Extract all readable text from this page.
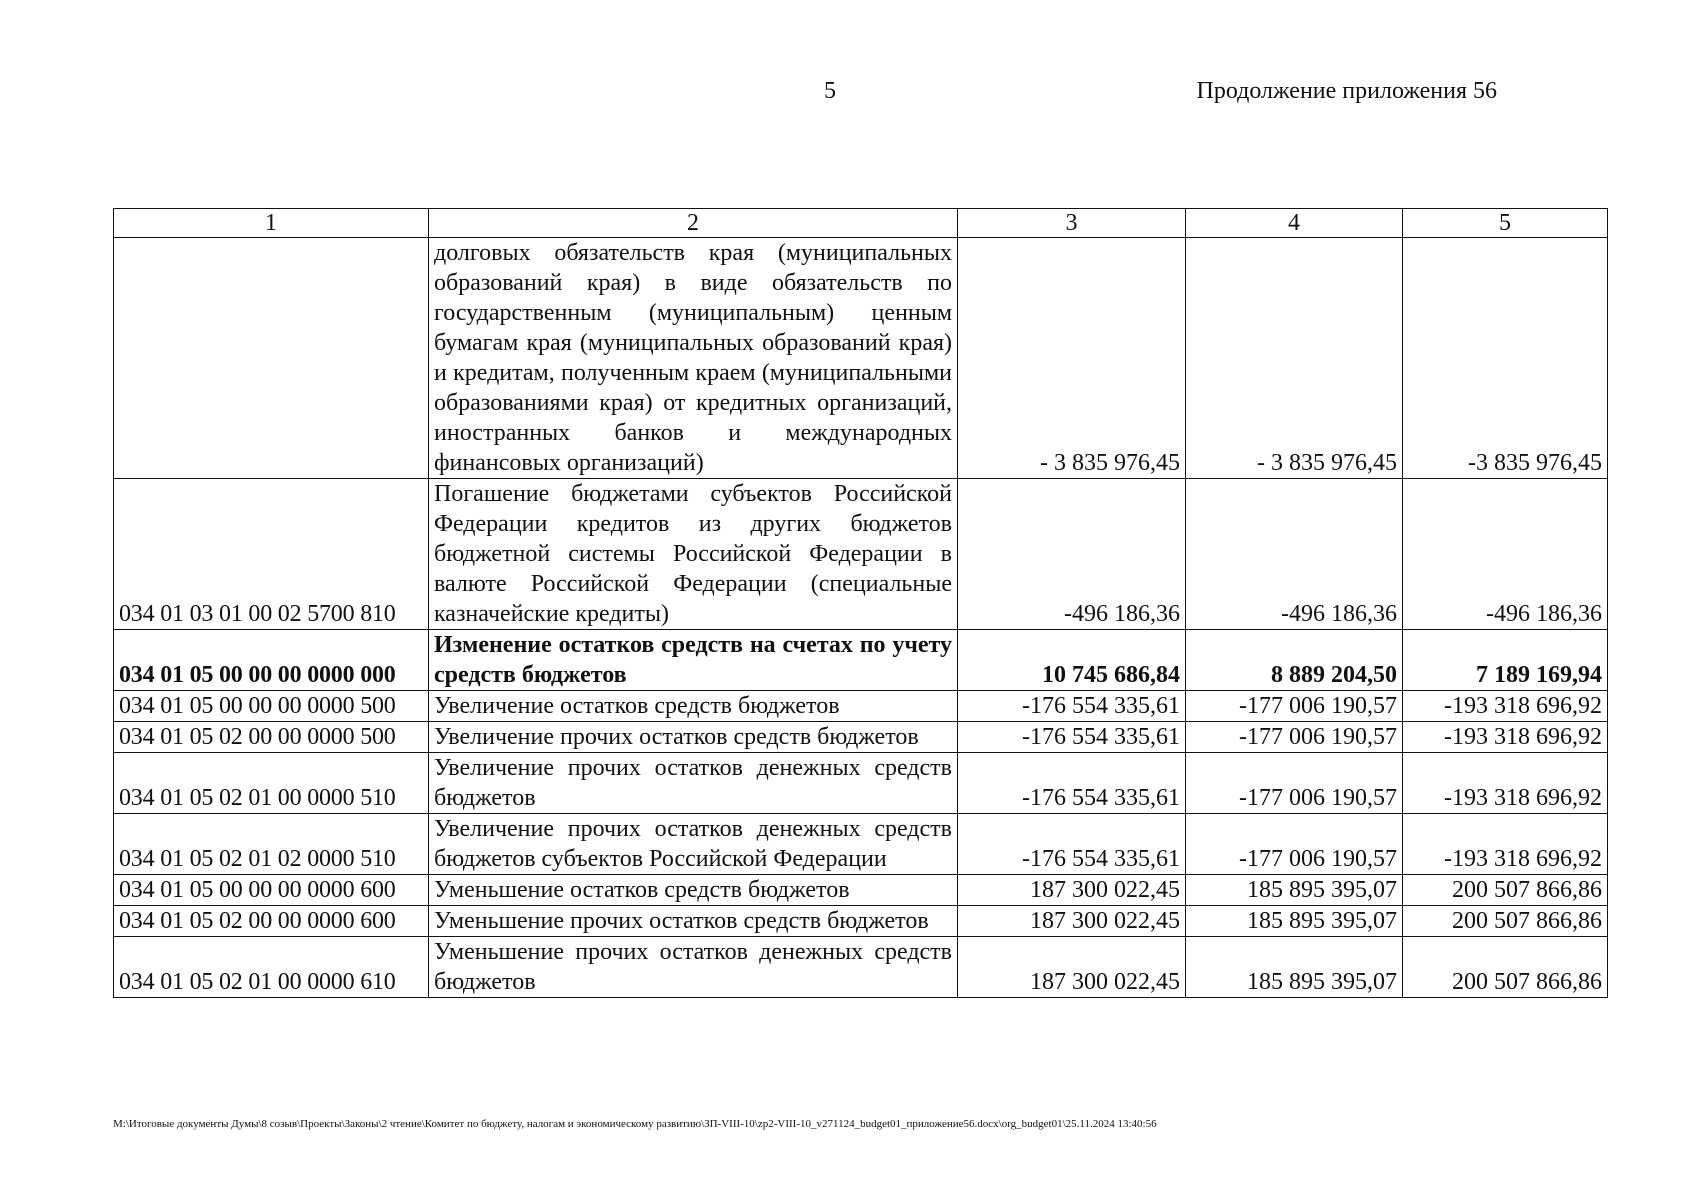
5	Продолжение приложения 56
1	2	3	4	5
	долговых обязательств края (муниципальных образований края) в виде обязательств по государственным (муниципальным) ценным бумагам края (муниципальных образований края) и кредитам, полученным краем (муниципальными образованиями края) от кредитных организаций, иностранных банков и международных финансовых организаций)	- 3 835 976,45	- 3 835 976,45	-3 835 976,45
034 01 03 01 00 02 5700 810	Погашение бюджетами субъектов Российской Федерации кредитов из других бюджетов бюджетной системы Российской Федерации в валюте Российской Федерации (специальные казначейские кредиты)	-496 186,36	-496 186,36	-496 186,36
034 01 05 00 00 00 0000 000	Изменение остатков средств на счетах по учету средств бюджетов	10 745 686,84	8 889 204,50	7 189 169,94
034 01 05 00 00 00 0000 500	Увеличение остатков средств бюджетов	-176 554 335,61	-177 006 190,57	-193 318 696,92
034 01 05 02 00 00 0000 500	Увеличение прочих остатков средств бюджетов	-176 554 335,61	-177 006 190,57	-193 318 696,92
034 01 05 02 01 00 0000 510	Увеличение прочих остатков денежных средств бюджетов	-176 554 335,61	-177 006 190,57	-193 318 696,92
034 01 05 02 01 02 0000 510	Увеличение прочих остатков денежных средств бюджетов субъектов Российской Федерации	-176 554 335,61	-177 006 190,57	-193 318 696,92
034 01 05 00 00 00 0000 600	Уменьшение остатков средств бюджетов	187 300 022,45	185 895 395,07	200 507 866,86
034 01 05 02 00 00 0000 600	Уменьшение прочих остатков средств бюджетов	187 300 022,45	185 895 395,07	200 507 866,86
034 01 05 02 01 00 0000 610	Уменьшение прочих остатков денежных средств бюджетов	187 300 022,45	185 895 395,07	200 507 866,86
М:\Итоговые документы Думы\8 созыв\Проекты\Законы\2 чтение\Комитет по бюджету, налогам и экономическому развитию\ЗП-VIII-10\zp2-VIII-10_v271124_budget01_приложение56.docx\org_budget01\25.11.2024 13:40:56
